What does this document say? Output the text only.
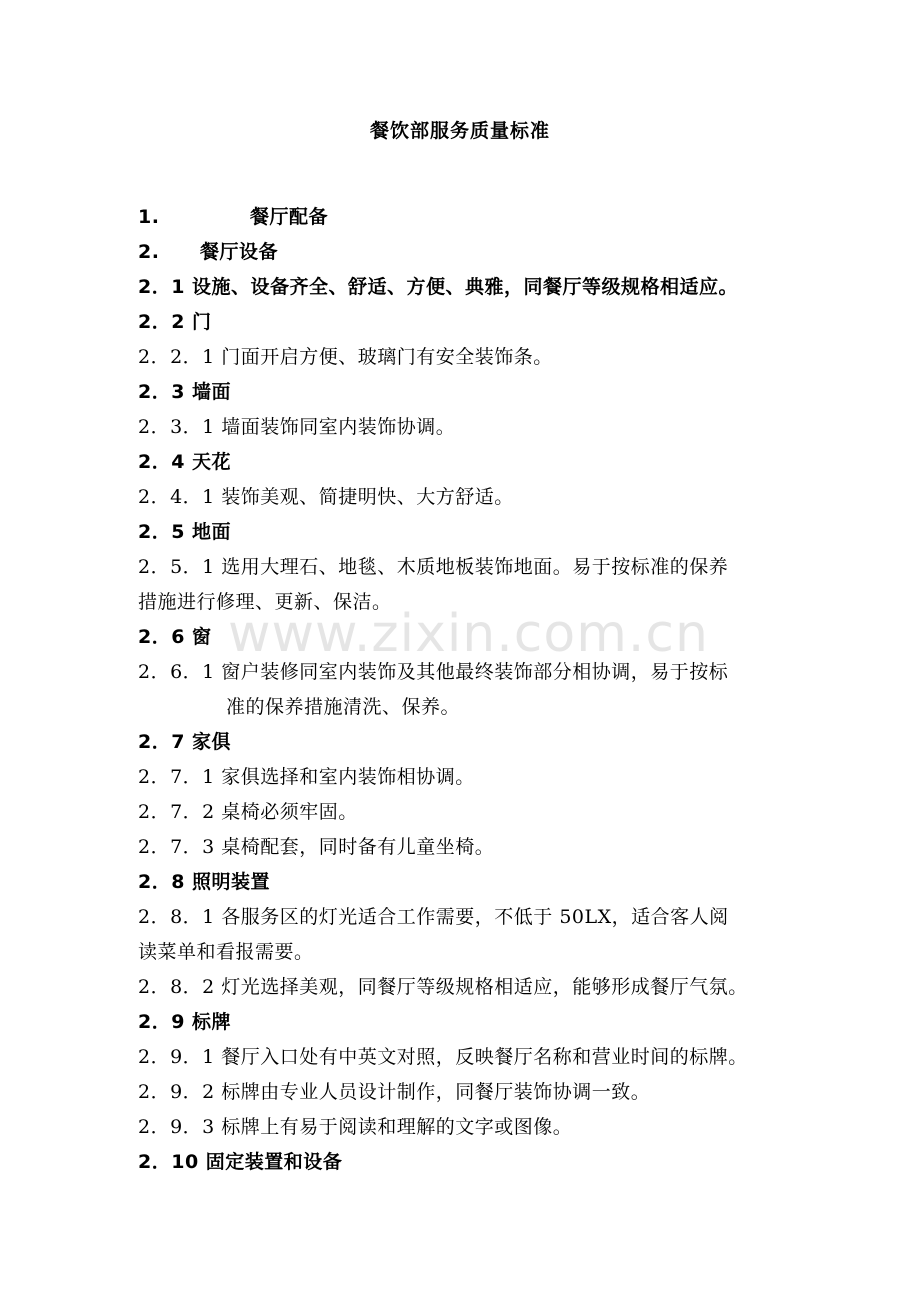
www.zixin.com.cn
餐饮部服务质量标准
1.	餐厅配备
2. 餐厅设备
2．1 设施、设备齐全、舒适、方便、典雅，同餐厅等级规格相适应。
2．2 门
2．2．1 门面开启方便、玻璃门有安全装饰条。
2．3 墙面
2．3．1 墙面装饰同室内装饰协调。
2．4 天花
2．4．1 装饰美观、简捷明快、大方舒适。
2．5 地面
2．5．1 选用大理石、地毯、木质地板装饰地面。易于按标准的保养
措施进行修理、更新、保洁。
2．6 窗
2．6．1 窗户装修同室内装饰及其他最终装饰部分相协调，易于按标
准的保养措施清洗、保养。
2．7 家俱
2．7．1 家俱选择和室内装饰相协调。
2．7．2 桌椅必须牢固。
2．7．3 桌椅配套，同时备有儿童坐椅。
2．8 照明装置
2．8．1 各服务区的灯光适合工作需要，不低于 50LX，适合客人阅
读菜单和看报需要。
2．8．2 灯光选择美观，同餐厅等级规格相适应，能够形成餐厅气氛。
2．9 标牌
2．9．1 餐厅入口处有中英文对照，反映餐厅名称和营业时间的标牌。
2．9．2 标牌由专业人员设计制作，同餐厅装饰协调一致。
2．9．3 标牌上有易于阅读和理解的文字或图像。
2．10 固定装置和设备
